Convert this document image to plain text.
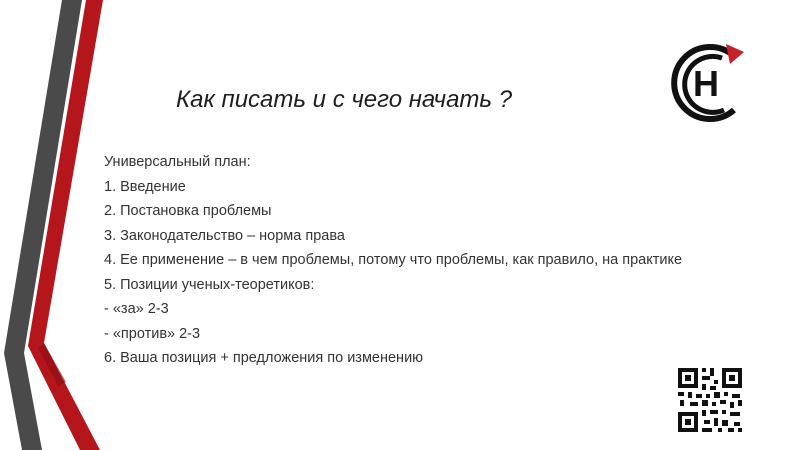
Как писать и с чего начать ?
Универсальный план:
1. Введение
2. Постановка проблемы
3. Законодательство – норма права
4. Ее применение – в чем проблемы, потому что проблемы, как правило, на практике
5. Позиции ученых-теоретиков:
- «за» 2-3
- «против» 2-3
6. Ваша позиция + предложения по изменению
Н
